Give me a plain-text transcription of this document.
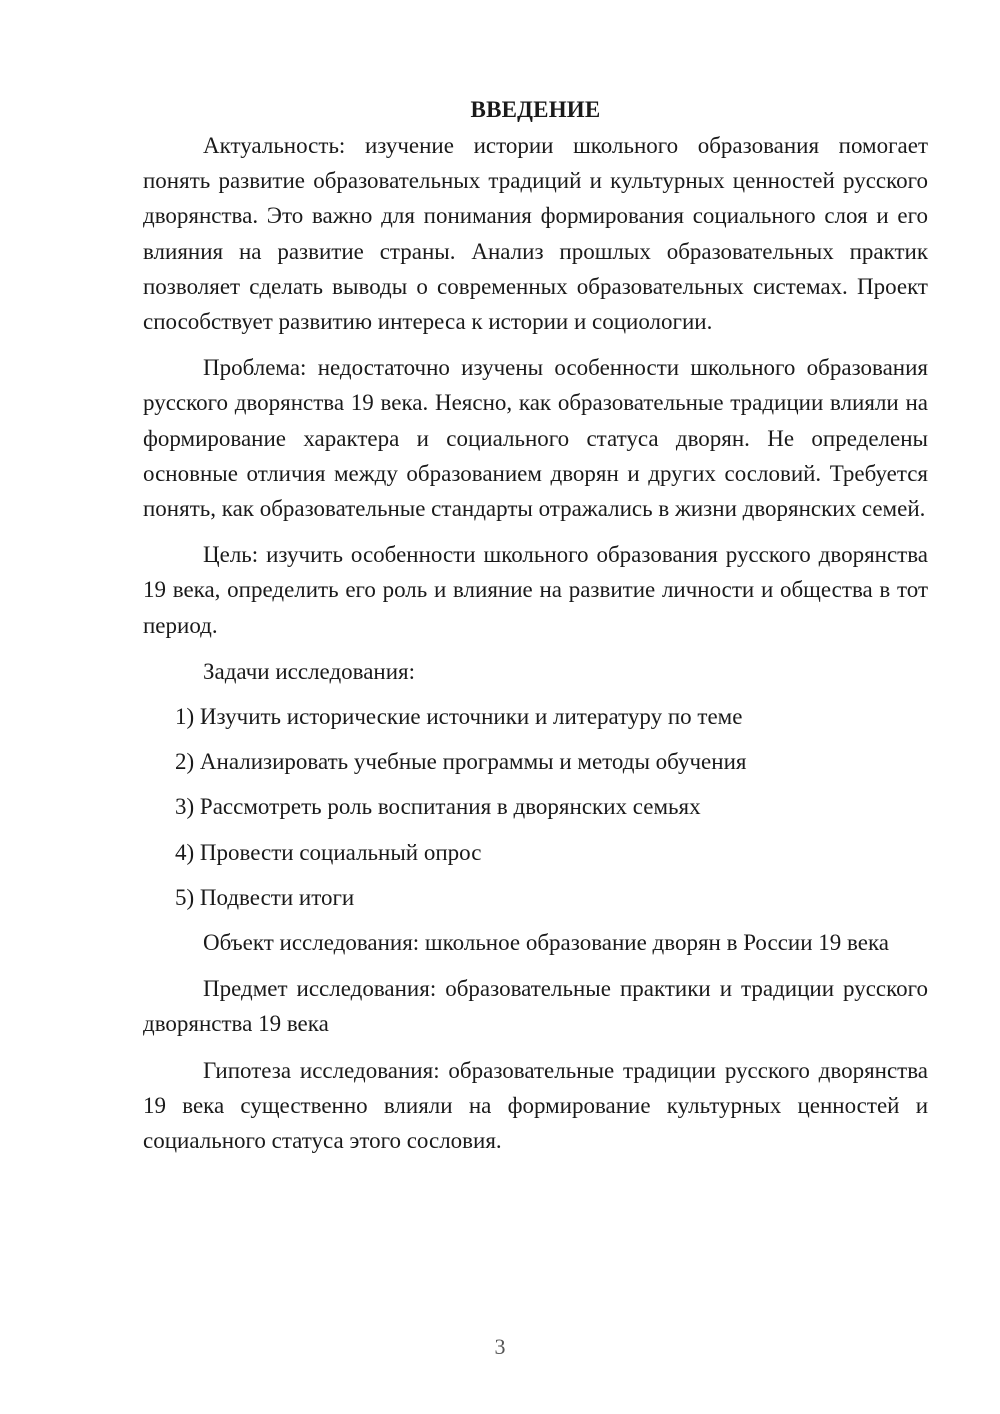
ВВЕДЕНИЕ

Актуальность: изучение истории школьного образования помогает понять развитие образовательных традиций и культурных ценностей русского дворянства. Это важно для понимания формирования социального слоя и его влияния на развитие страны. Анализ прошлых образовательных практик позволяет сделать выводы о современных образовательных системах. Проект способствует развитию интереса к истории и социологии.

Проблема: недостаточно изучены особенности школьного образования русского дворянства 19 века. Неясно, как образовательные традиции влияли на формирование характера и социального статуса дворян. Не определены основные отличия между образованием дворян и других сословий. Требуется понять, как образовательные стандарты отражались в жизни дворянских семей.

Цель: изучить особенности школьного образования русского дворянства 19 века, определить его роль и влияние на развитие личности и общества в тот период.

Задачи исследования:

1) Изучить исторические источники и литературу по теме
2) Анализировать учебные программы и методы обучения
3) Рассмотреть роль воспитания в дворянских семьях
4) Провести социальный опрос
5) Подвести итоги

Объект исследования: школьное образование дворян в России 19 века

Предмет исследования: образовательные практики и традиции русского дворянства 19 века

Гипотеза исследования: образовательные традиции русского дворянства 19 века существенно влияли на формирование культурных ценностей и социального статуса этого сословия.

3
